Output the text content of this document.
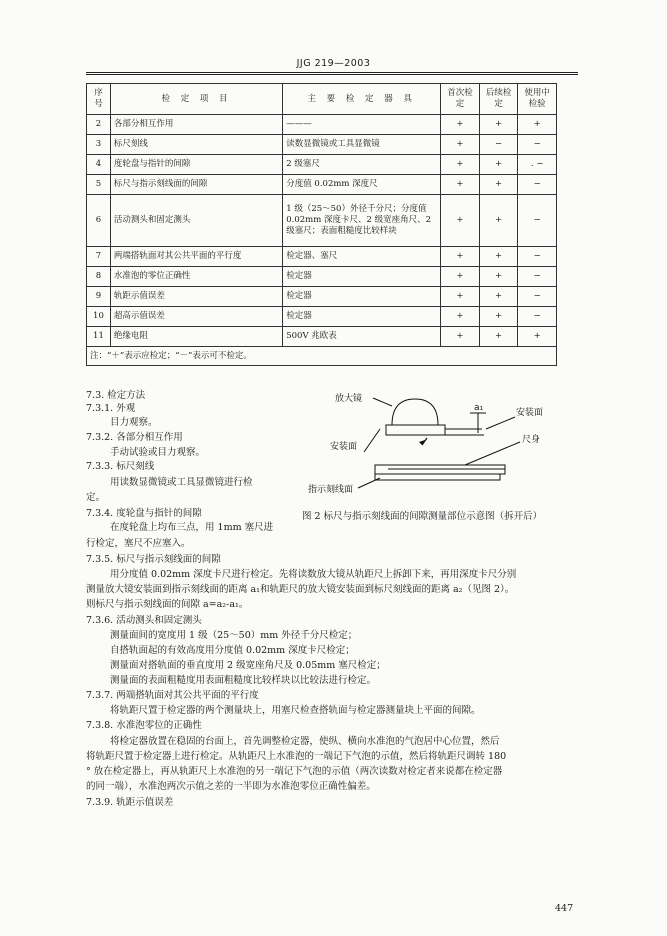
JJG 219—2003
序号	检 定 项 目	主 要 检 定 器 具	首次检定	后续检定	使用中检验
2	各部分相互作用	———	+	+	+
3	标尺刻线	读数显微镜或工具显微镜	+	−	−
4	度轮盘与指针的间隙	2 级塞尺	+	+	. −
5	标尺与指示刻线面的间隙	分度值 0.02mm 深度尺	+	+	−
6	活动测头和固定测头	1 级（25～50）外径千分尺；分度值 0.02mm 深度卡尺、2 级宽座角尺、2 级塞尺；表面粗糙度比较样块	+	+	−
7	两端搭轨面对其公共平面的平行度	检定器、塞尺	+	+	−
8	水准泡的零位正确性	检定器	+	+	−
9	轨距示值误差	检定器	+	+	−
10	超高示值误差	检定器	+	+	−
11	绝缘电阻	500V 兆欧表	+	+	+
注：“＋”表示应检定；“－”表示可不检定。					
7.3. 检定方法
7.3.1. 外观
目力观察。
7.3.2. 各部分相互作用
手动试验或目力观察。
7.3.3. 标尺刻线
用读数显微镜或工具显微镜进行检
定。
7.3.4. 度轮盘与指针的间隙
在度轮盘上均布三点，用 1mm 塞尺进
行检定，塞尺不应塞入。
7.3.5. 标尺与指示刻线面的间隙
用分度值 0.02mm 深度卡尺进行检定。先将读数放大镜从轨距尺上拆卸下来，再用深度卡尺分别
测量放大镜安装面到指示刻线面的距离 a₁和轨距尺的放大镜安装面到标尺刻线面的距离 a₂（见图 2）。
则标尺与指示刻线面的间隙 a=a₂-a₁。
7.3.6. 活动测头和固定测头
测量面间的宽度用 1 级（25～50）mm 外径千分尺检定；
自搭轨面起的有效高度用分度值 0.02mm 深度卡尺检定；
测量面对搭轨面的垂直度用 2 级宽座角尺及 0.05mm 塞尺检定；
测量面的表面粗糙度用表面粗糙度比较样块以比较法进行检定。
7.3.7. 两端搭轨面对其公共平面的平行度
将轨距尺置于检定器的两个测量块上，用塞尺检查搭轨面与检定器测量块上平面的间隙。
7.3.8. 水准泡零位的正确性
将检定器放置在稳固的台面上，首先调整检定器，使纵、横向水准泡的气泡居中心位置，然后
将轨距尺置于检定器上进行检定。从轨距尺上水准泡的一端记下气泡的示值，然后将轨距尺调转 180
° 放在检定器上，再从轨距尺上水准泡的另一端记下气泡的示值（两次读数对检定者来说都在检定器
的同一端），水准泡两次示值之差的一半即为水准泡零位正确性偏差。
7.3.9. 轨距示值误差
放大镜
a₁	安装面
安装面
尺身
指示刻线面
图 2 标尺与指示刻线面的间隙测量部位示意图（拆开后）
447
